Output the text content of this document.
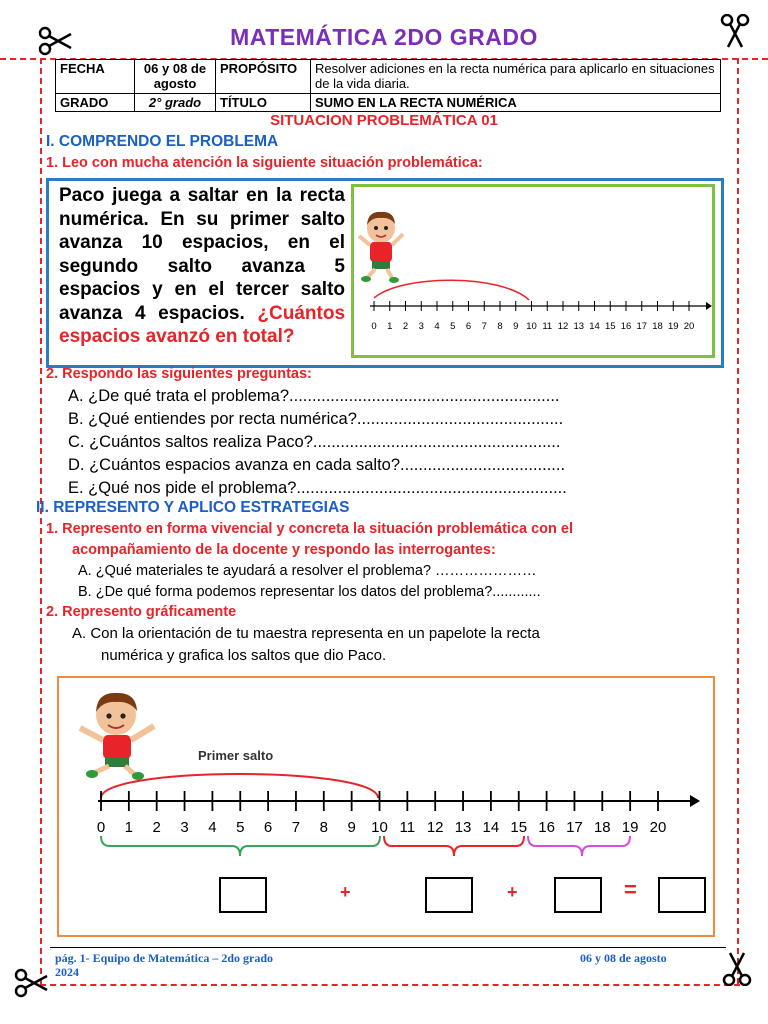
MATEMÁTICA 2DO GRADO
FECHA	06 y 08 de agosto	PROPÓSITO	Resolver adiciones en la recta numérica para aplicarlo en situaciones de la vida diaria.
GRADO	2° grado	TÍTULO	SUMO EN LA RECTA NUMÉRICA
SITUACION PROBLEMÁTICA 01
I. COMPRENDO EL PROBLEMA
1. Leo con mucha atención la siguiente situación problemática:
Paco juega a saltar en la recta numérica. En su primer salto avanza 10 espacios, en el segundo salto avanza 5 espacios y en el tercer salto avanza 4 espacios. ¿Cuántos espacios avanzó en total?	0 1 2 3 4 5 6 7 8 9 10 11 12 13 14 15 16 17 18 19 20
2. Respondo las siguientes preguntas:
A. ¿De qué trata el problema?...........................................................
B. ¿Qué entiendes por recta numérica?.............................................
C. ¿Cuántos saltos realiza Paco?......................................................
D. ¿Cuántos espacios avanza en cada salto?....................................
E. ¿Qué nos pide el problema?...........................................................
II. REPRESENTO Y APLICO ESTRATEGIAS
1. Represento en forma vivencial y concreta la situación problemática con el
acompañamiento de la docente y respondo las interrogantes:
A. ¿Qué materiales te ayudará a resolver el problema? …………………
B. ¿De qué forma podemos representar los datos del problema?............
2. Represento gráficamente
A. Con la orientación de tu maestra representa en un papelote la recta
numérica y grafica los saltos que dio Paco.
Primer salto
0 1 2 3 4 5 6 7 8 9 10 11 12 13 14 15 16 17 18 19 20
+	+	=
pág. 1- Equipo de Matemática – 2do grado
2024
06 y 08 de agosto
